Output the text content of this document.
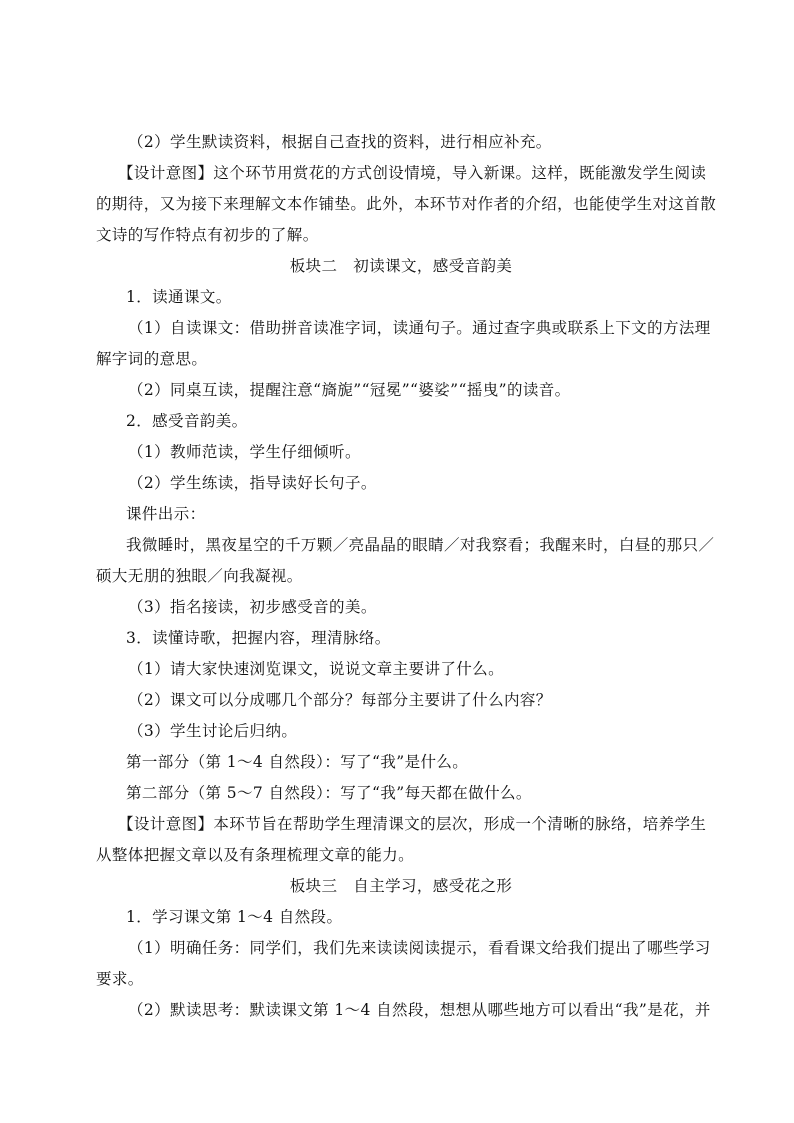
（2）学生默读资料，根据自己查找的资料，进行相应补充。
【设计意图】这个环节用赏花的方式创设情境，导入新课。这样，既能激发学生阅读
的期待，又为接下来理解文本作铺垫。此外，本环节对作者的介绍，也能使学生对这首散
文诗的写作特点有初步的了解。
板块二　初读课文，感受音韵美
1．读通课文。
（1）自读课文：借助拼音读准字词，读通句子。通过查字典或联系上下文的方法理
解字词的意思。
（2）同桌互读，提醒注意“旖旎”“冠冕”“婆娑”“摇曳”的读音。
2．感受音韵美。
（1）教师范读，学生仔细倾听。
（2）学生练读，指导读好长句子。
课件出示：
我微睡时，黑夜星空的千万颗／亮晶晶的眼睛／对我察看；我醒来时，白昼的那只／
硕大无朋的独眼／向我凝视。
（3）指名接读，初步感受音的美。
3．读懂诗歌，把握内容，理清脉络。
（1）请大家快速浏览课文，说说文章主要讲了什么。
（2）课文可以分成哪几个部分？每部分主要讲了什么内容？
（3）学生讨论后归纳。
第一部分（第 1～4 自然段）：写了“我”是什么。
第二部分（第 5～7 自然段）：写了“我”每天都在做什么。
【设计意图】本环节旨在帮助学生理清课文的层次，形成一个清晰的脉络，培养学生
从整体把握文章以及有条理梳理文章的能力。
板块三　自主学习，感受花之形
1．学习课文第 1～4 自然段。
（1）明确任务：同学们，我们先来读读阅读提示，看看课文给我们提出了哪些学习
要求。
（2）默读思考：默读课文第 1～4 自然段，想想从哪些地方可以看出“我”是花，并
